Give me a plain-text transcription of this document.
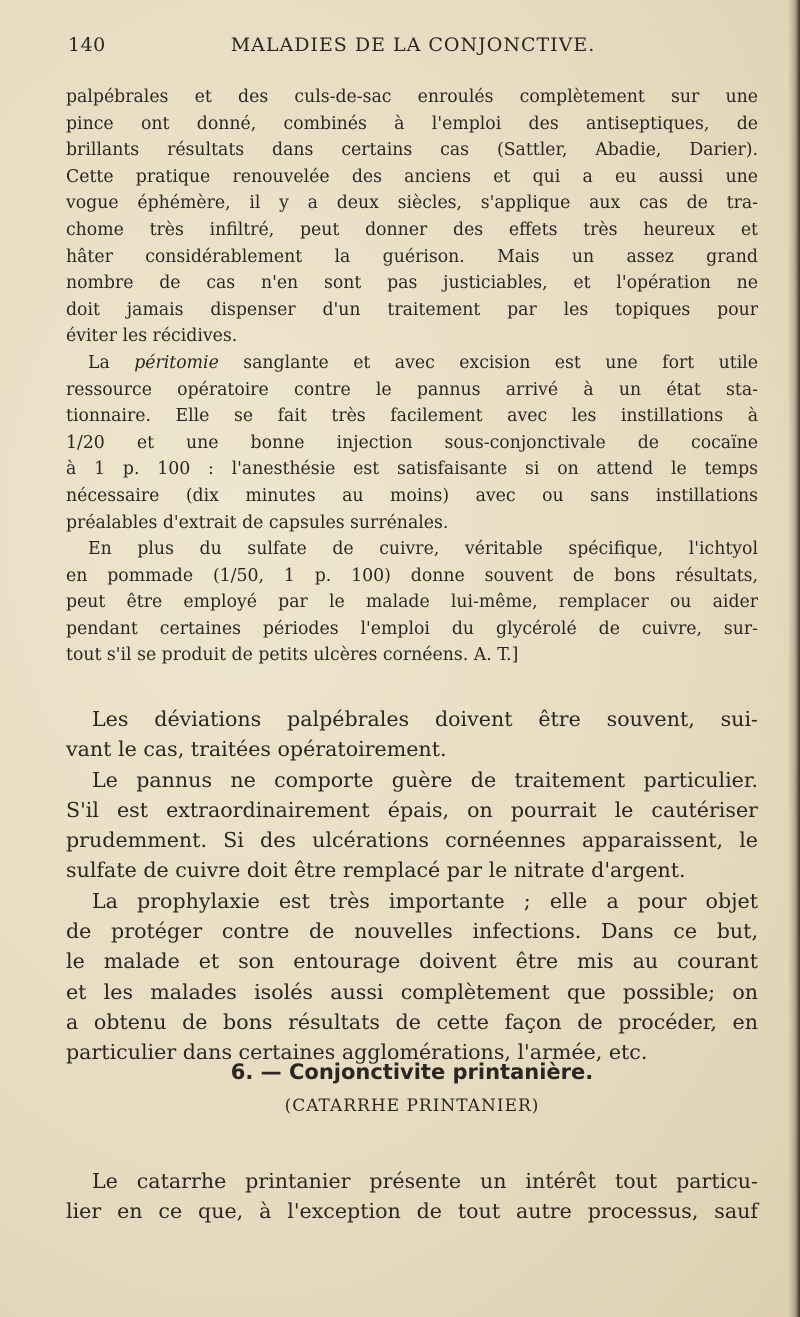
140	MALADIES DE LA CONJONCTIVE.
palpébrales et des culs-de-sac enroulés complètement sur une
pince ont donné, combinés à l'emploi des antiseptiques, de
brillants résultats dans certains cas (Sattler, Abadie, Darier).
Cette pratique renouvelée des anciens et qui a eu aussi une
vogue éphémère, il y a deux siècles, s'applique aux cas de tra-
chome très infiltré, peut donner des effets très heureux et
hâter considérablement la guérison. Mais un assez grand
nombre de cas n'en sont pas justiciables, et l'opération ne
doit jamais dispenser d'un traitement par les topiques pour
éviter les récidives.
La péritomie sanglante et avec excision est une fort utile
ressource opératoire contre le pannus arrivé à un état sta-
tionnaire. Elle se fait très facilement avec les instillations à
1/20 et une bonne injection sous-conjonctivale de cocaïne
à 1 p. 100 : l'anesthésie est satisfaisante si on attend le temps
nécessaire (dix minutes au moins) avec ou sans instillations
préalables d'extrait de capsules surrénales.
En plus du sulfate de cuivre, véritable spécifique, l'ichtyol
en pommade (1/50, 1 p. 100) donne souvent de bons résultats,
peut être employé par le malade lui-même, remplacer ou aider
pendant certaines périodes l'emploi du glycérolé de cuivre, sur-
tout s'il se produit de petits ulcères cornéens. A. T.]
Les déviations palpébrales doivent être souvent, sui-
vant le cas, traitées opératoirement.
Le pannus ne comporte guère de traitement particulier.
S'il est extraordinairement épais, on pourrait le cautériser
prudemment. Si des ulcérations cornéennes apparaissent, le
sulfate de cuivre doit être remplacé par le nitrate d'argent.
La prophylaxie est très importante ; elle a pour objet
de protéger contre de nouvelles infections. Dans ce but,
le malade et son entourage doivent être mis au courant
et les malades isolés aussi complètement que possible; on
a obtenu de bons résultats de cette façon de procéder, en
particulier dans certaines agglomérations, l'armée, etc.
6. — Conjonctivite printanière.
(CATARRHE PRINTANIER)
Le catarrhe printanier présente un intérêt tout particu-
lier en ce que, à l'exception de tout autre processus, sauf
